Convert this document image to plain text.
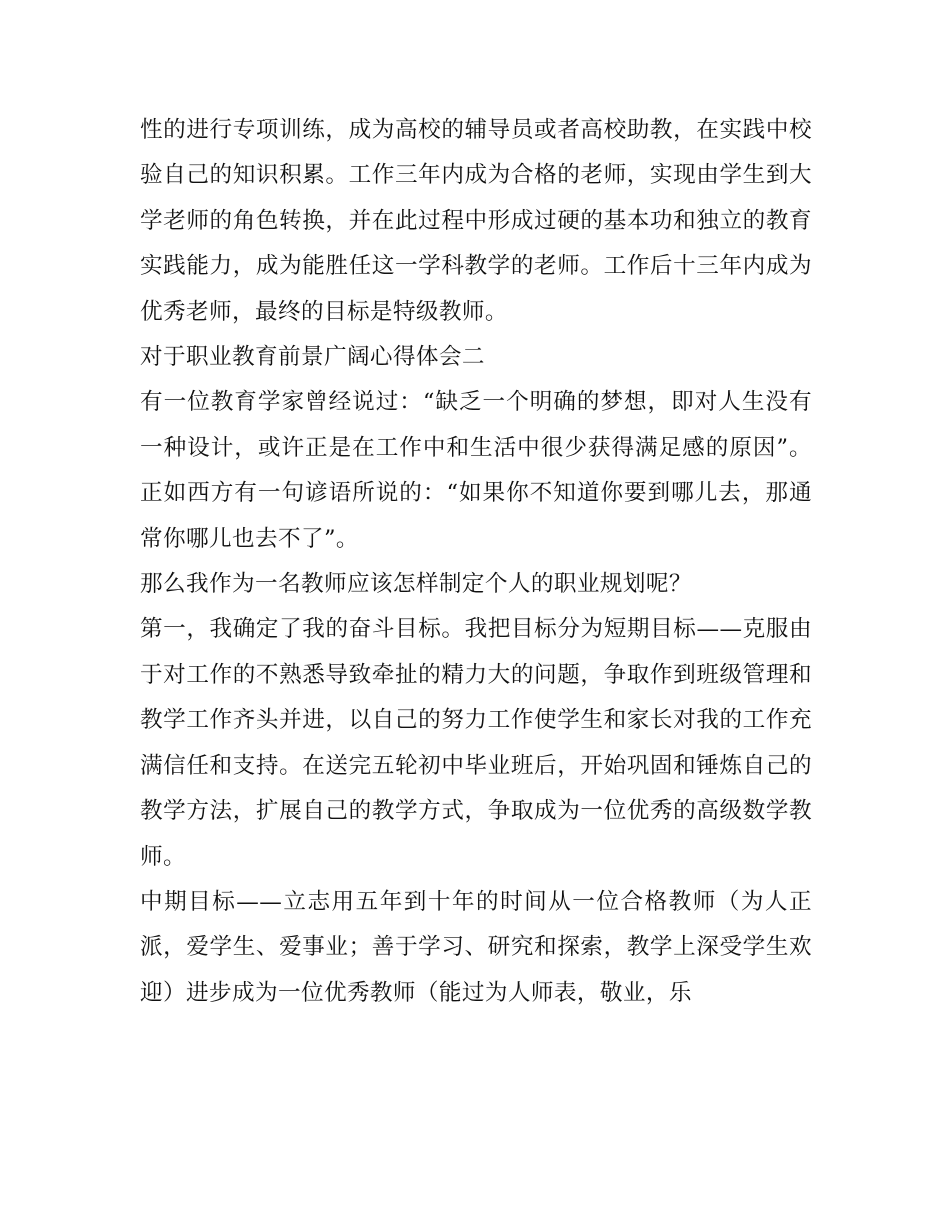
性的进行专项训练，成为高校的辅导员或者高校助教，在实践中校验自己的知识积累。工作三年内成为合格的老师，实现由学生到大学老师的角色转换，并在此过程中形成过硬的基本功和独立的教育实践能力，成为能胜任这一学科教学的老师。工作后十三年内成为优秀老师，最终的目标是特级教师。

对于职业教育前景广阔心得体会二

有一位教育学家曾经说过：“缺乏一个明确的梦想，即对人生没有一种设计，或许正是在工作中和生活中很少获得满足感的原因”。正如西方有一句谚语所说的：“如果你不知道你要到哪儿去，那通常你哪儿也去不了”。

那么我作为一名教师应该怎样制定个人的职业规划呢？

第一，我确定了我的奋斗目标。我把目标分为短期目标——克服由于对工作的不熟悉导致牵扯的精力大的问题，争取作到班级管理和教学工作齐头并进，以自己的努力工作使学生和家长对我的工作充满信任和支持。在送完五轮初中毕业班后，开始巩固和锤炼自己的教学方法，扩展自己的教学方式，争取成为一位优秀的高级数学教师。

中期目标——立志用五年到十年的时间从一位合格教师（为人正派，爱学生、爱事业；善于学习、研究和探索，教学上深受学生欢迎）进步成为一位优秀教师（能过为人师表，敬业，乐
